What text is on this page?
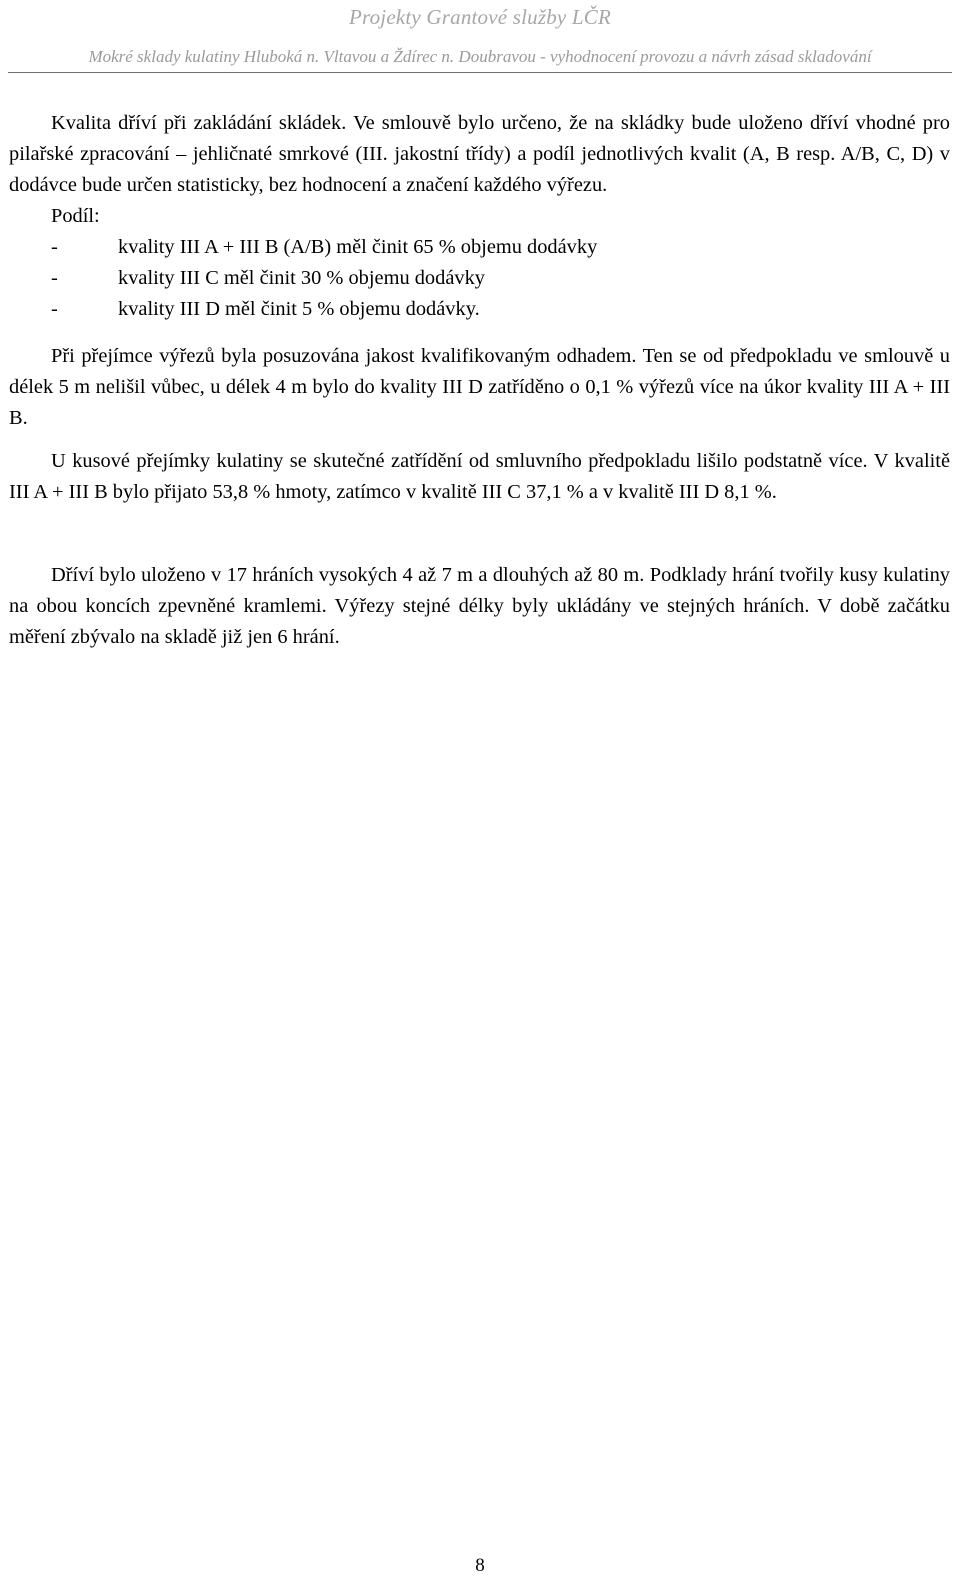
Projekty Grantové služby LČR
Mokré sklady kulatiny Hluboká n. Vltavou a Ždírec n. Doubravou - vyhodnocení provozu a návrh zásad skladování

Kvalita dříví při zakládání skládek. Ve smlouvě bylo určeno, že na skládky bude uloženo dříví vhodné pro pilařské zpracování – jehličnaté smrkové (III. jakostní třídy) a podíl jednotlivých kvalit (A, B resp. A/B, C, D) v dodávce bude určen statisticky, bez hodnocení a značení každého výřezu.

Podíl:

-	kvality III A + III B (A/B) měl činit 65 % objemu dodávky
-	kvality III C měl činit 30 % objemu dodávky
-	kvality III D měl činit 5 % objemu dodávky.

Při přejímce výřezů byla posuzována jakost kvalifikovaným odhadem. Ten se od předpokladu ve smlouvě u délek 5 m nelišil vůbec, u délek 4 m bylo do kvality III D zatříděno o 0,1 % výřezů více na úkor kvality III A + III B.

U kusové přejímky kulatiny se skutečné zatřídění od smluvního předpokladu lišilo podstatně více. V kvalitě III A + III B bylo přijato 53,8 % hmoty, zatímco v kvalitě III C 37,1 % a v kvalitě III D 8,1 %.

Dříví bylo uloženo v 17 hráních vysokých 4 až 7 m a dlouhých až 80 m. Podklady hrání tvořily kusy kulatiny na obou koncích zpevněné kramlemi. Výřezy stejné délky byly ukládány ve stejných hráních. V době začátku měření zbývalo na skladě již jen 6 hrání.

8
